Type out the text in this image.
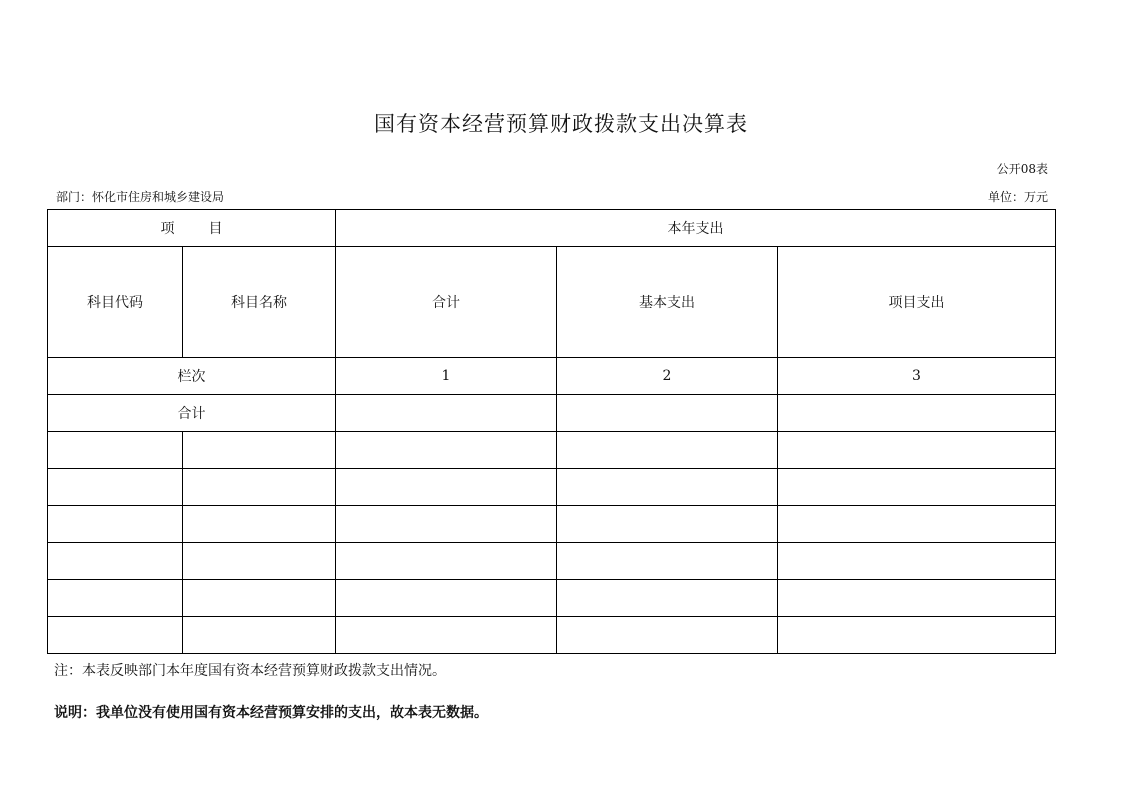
国有资本经营预算财政拨款支出决算表
公开08表
部门：怀化市住房和城乡建设局	单位：万元
项 目		本年支出		
科目代码	科目名称	合计	基本支出	项目支出
栏次		1	2	3
合计				

注：本表反映部门本年度国有资本经营预算财政拨款支出情况。
说明：我单位没有使用国有资本经营预算安排的支出，故本表无数据。
